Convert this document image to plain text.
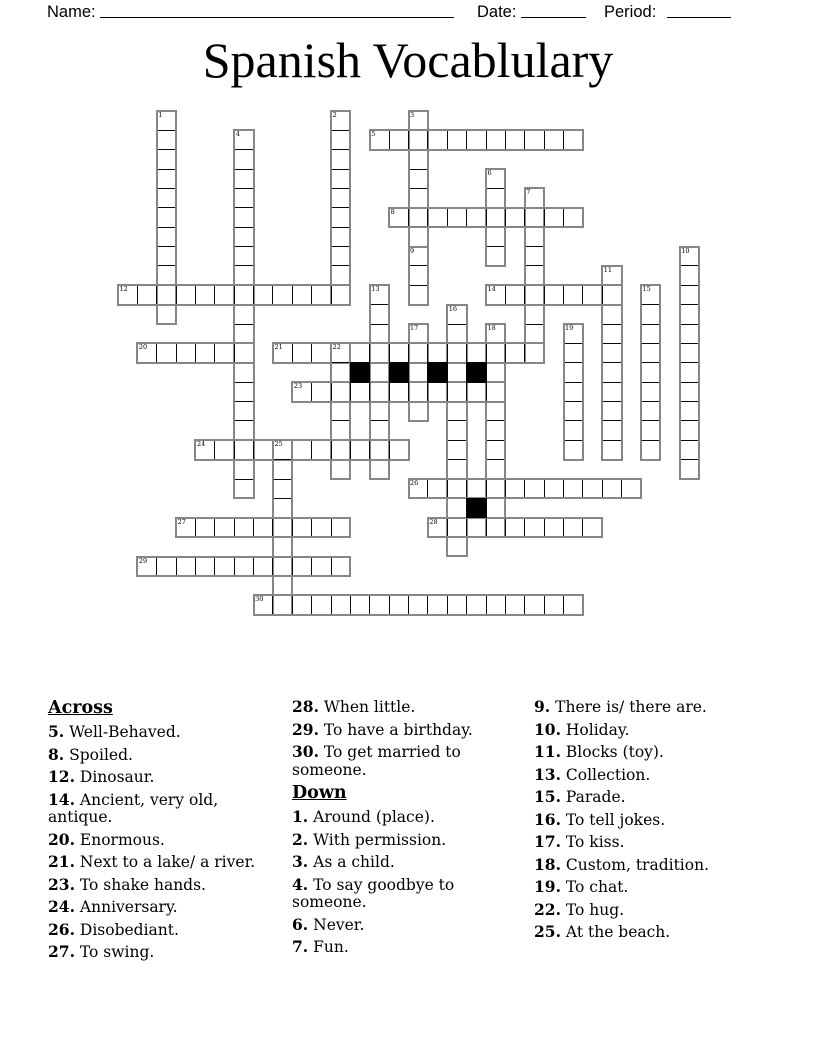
Name:	Date:	Period:
Spanish Vocablulary
1	2	3
4	5
6
7
8
9	10
11
12	13	14	15
16
17	18	19
20	21	22
23
24	25
26
27	28
29
30
Across
5. Well-Behaved.
8. Spoiled.
12. Dinosaur.
14. Ancient, very old, antique.
20. Enormous.
21. Next to a lake/ a river.
23. To shake hands.
24. Anniversary.
26. Disobediant.
27. To swing.
28. When little.
29. To have a birthday.
30. To get married to someone.
Down
1. Around (place).
2. With permission.
3. As a child.
4. To say goodbye to someone.
6. Never.
7. Fun.
9. There is/ there are.
10. Holiday.
11. Blocks (toy).
13. Collection.
15. Parade.
16. To tell jokes.
17. To kiss.
18. Custom, tradition.
19. To chat.
22. To hug.
25. At the beach.
